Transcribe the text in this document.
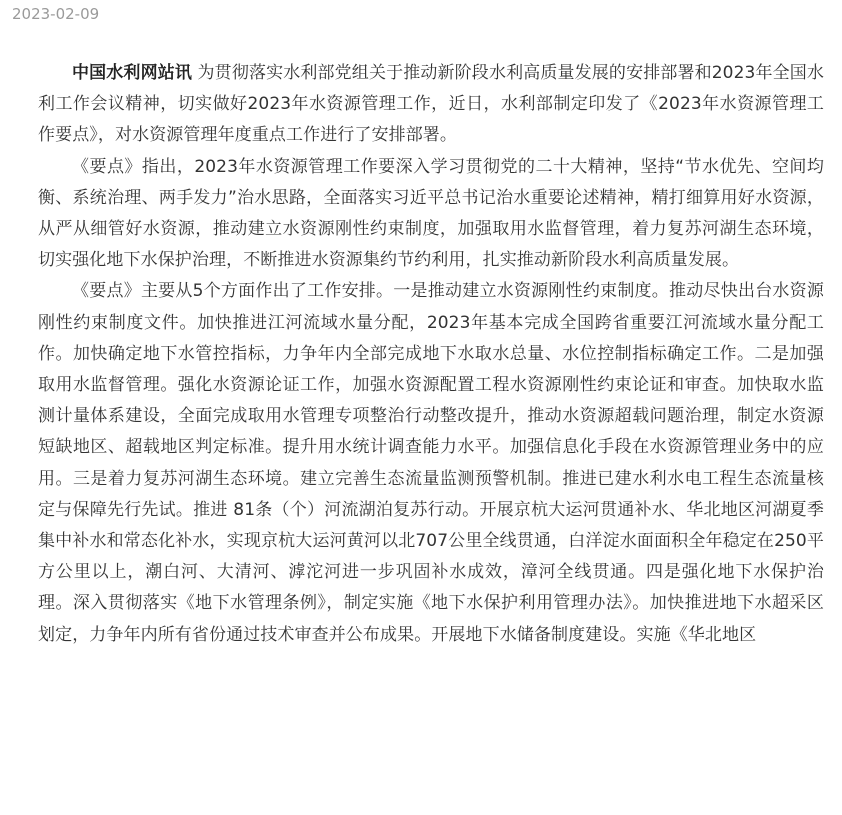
2023-02-09

中国水利网站讯 为贯彻落实水利部党组关于推动新阶段水利高质量发展的安排部署和2023年全国水利工作会议精神，切实做好2023年水资源管理工作，近日，水利部制定印发了《2023年水资源管理工作要点》，对水资源管理年度重点工作进行了安排部署。

《要点》指出，2023年水资源管理工作要深入学习贯彻党的二十大精神，坚持“节水优先、空间均衡、系统治理、两手发力”治水思路，全面落实习近平总书记治水重要论述精神，精打细算用好水资源，从严从细管好水资源，推动建立水资源刚性约束制度，加强取用水监督管理，着力复苏河湖生态环境，切实强化地下水保护治理，不断推进水资源集约节约利用，扎实推动新阶段水利高质量发展。

《要点》主要从5个方面作出了工作安排。一是推动建立水资源刚性约束制度。推动尽快出台水资源刚性约束制度文件。加快推进江河流域水量分配，2023年基本完成全国跨省重要江河流域水量分配工作。加快确定地下水管控指标，力争年内全部完成地下水取水总量、水位控制指标确定工作。二是加强取用水监督管理。强化水资源论证工作，加强水资源配置工程水资源刚性约束论证和审查。加快取水监测计量体系建设，全面完成取用水管理专项整治行动整改提升，推动水资源超载问题治理，制定水资源短缺地区、超载地区判定标准。提升用水统计调查能力水平。加强信息化手段在水资源管理业务中的应用。三是着力复苏河湖生态环境。建立完善生态流量监测预警机制。推进已建水利水电工程生态流量核定与保障先行先试。推进 81条（个）河流湖泊复苏行动。开展京杭大运河贯通补水、华北地区河湖夏季集中补水和常态化补水，实现京杭大运河黄河以北707公里全线贯通，白洋淀水面面积全年稳定在250平方公里以上，潮白河、大清河、滹沱河进一步巩固补水成效，漳河全线贯通。四是强化地下水保护治理。深入贯彻落实《地下水管理条例》，制定实施《地下水保护利用管理办法》。加快推进地下水超采区划定，力争年内所有省份通过技术审查并公布成果。开展地下水储备制度建设。实施《华北地区
